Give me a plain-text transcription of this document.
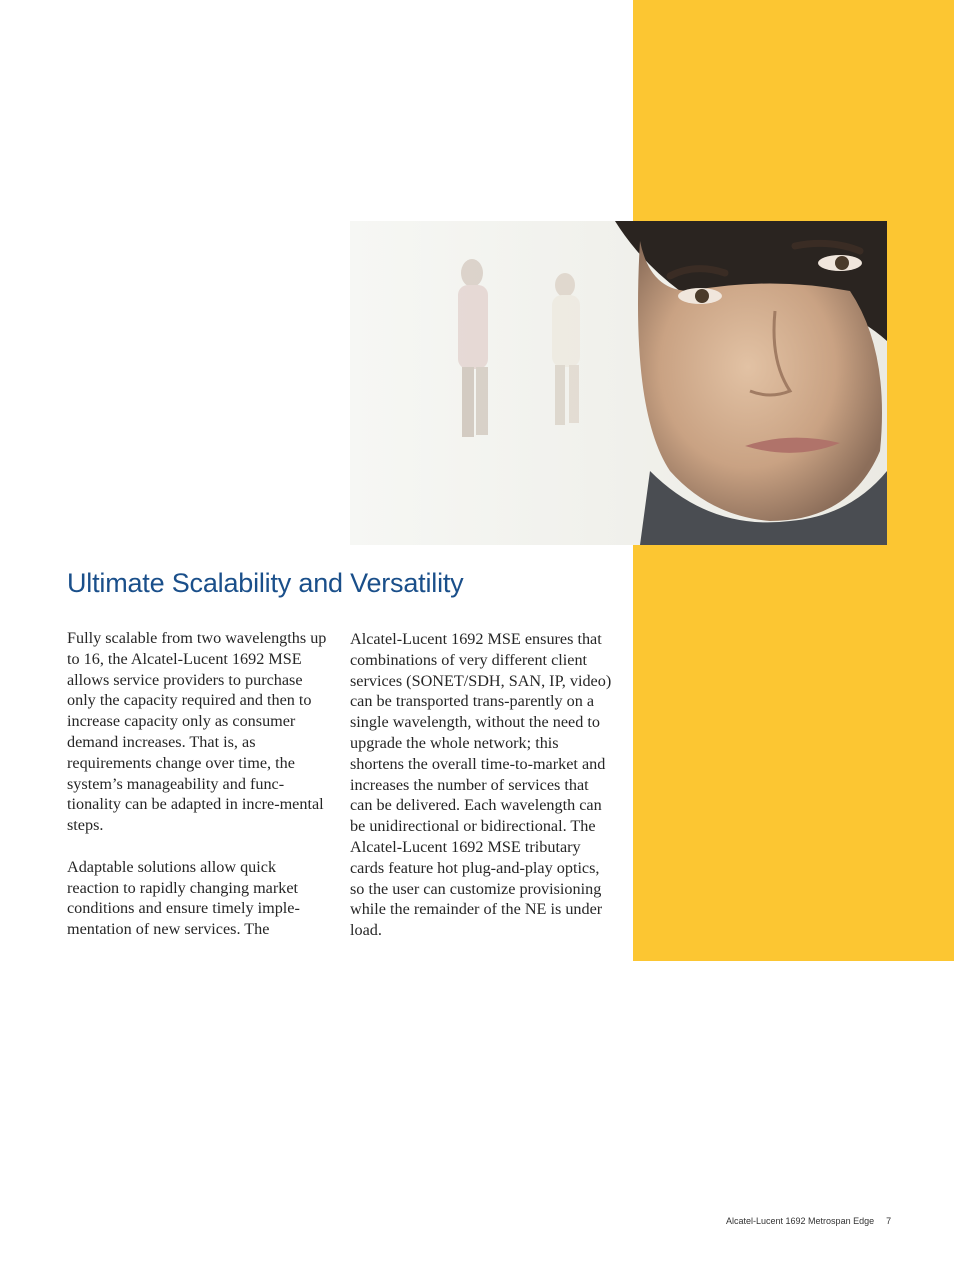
Ultimate Scalability and Versatility

Fully scalable from two wavelengths up to 16, the Alcatel-Lucent 1692 MSE allows service providers to purchase only the capacity required and then to increase capacity only as consumer demand increases. That is, as requirements change over time, the system’s manageability and func-tionality can be adapted in incre-mental steps.

Adaptable solutions allow quick reaction to rapidly changing market conditions and ensure timely imple-mentation of new services. The

Alcatel-Lucent 1692 MSE ensures that combinations of very different client services (SONET/SDH, SAN, IP, video) can be transported trans-parently on a single wavelength, without the need to upgrade the whole network; this shortens the overall time-to-market and increases the number of services that can be delivered. Each wavelength can be unidirectional or bidirectional. The Alcatel-Lucent 1692 MSE tributary cards feature hot plug-and-play optics, so the user can customize provisioning while the remainder of the NE is under load.

Alcatel-Lucent 1692 Metrospan Edge 7
